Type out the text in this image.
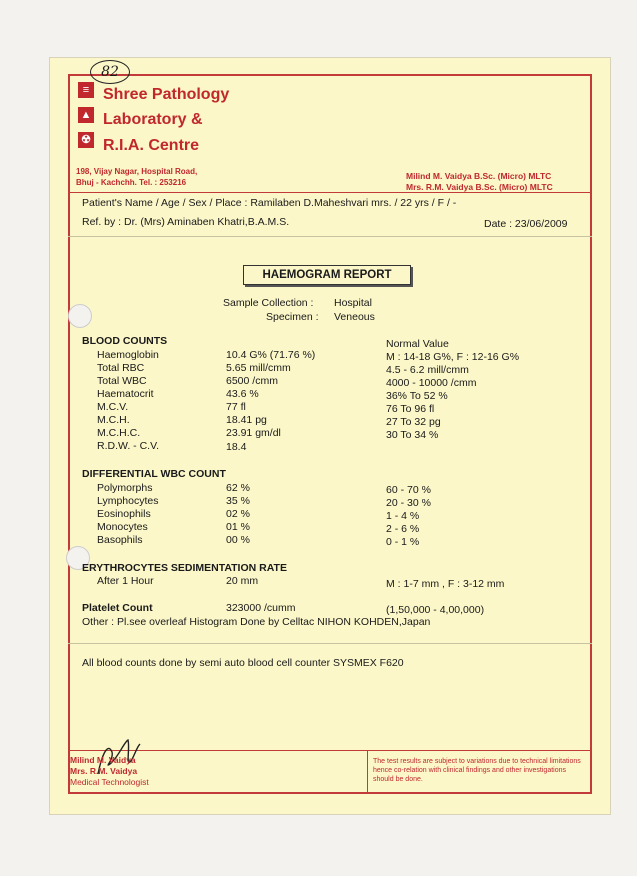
82
≡
▲
☢
Shree Pathology
Laboratory &
R.I.A. Centre
198, Vijay Nagar, Hospital Road,
Bhuj - Kachchh. Tel. : 253216
Milind M. Vaidya B.Sc. (Micro) MLTC
Mrs. R.M. Vaidya B.Sc. (Micro) MLTC
Patient's Name / Age / Sex / Place : Ramilaben D.Maheshvari mrs. / 22 yrs / F / -
Ref. by : Dr. (Mrs) Aminaben Khatri,B.A.M.S.	Date : 23/06/2009
HAEMOGRAM REPORT
Sample Collection : Hospital
Specimen : Veneous
BLOOD COUNTS	Normal Value
Haemoglobin	10.4 G% (71.76 %)	M : 14-18 G%, F : 12-16 G%
Total RBC	5.65 mill/cmm	4.5 - 6.2 mill/cmm
Total WBC	6500 /cmm	4000 - 10000 /cmm
Haematocrit	43.6 %	36% To 52 %
M.C.V.	77 fl	76 To 96 fl
M.C.H.	18.41 pg	27 To 32 pg
M.C.H.C.	23.91 gm/dl	30 To 34 %
R.D.W. - C.V.	18.4
DIFFERENTIAL WBC COUNT
Polymorphs	62 %	60 - 70 %
Lymphocytes	35 %	20 - 30 %
Eosinophils	02 %	1 - 4 %
Monocytes	01 %	2 - 6 %
Basophils	00 %	0 - 1 %
ERYTHROCYTES SEDIMENTATION RATE
After 1 Hour	20 mm	M : 1-7 mm , F : 3-12 mm
Platelet Count	323000 /cumm	(1,50,000 - 4,00,000)
Other : Pl.see overleaf Histogram Done by Celltac NIHON KOHDEN,Japan
All blood counts done by semi auto blood cell counter SYSMEX F620
Milind M. Vaidya
Mrs. R.M. Vaidya
Medical Technologist
The test results are subject to variations due to technical limitations hence co-relation with clinical findings and other investigations should be done.
